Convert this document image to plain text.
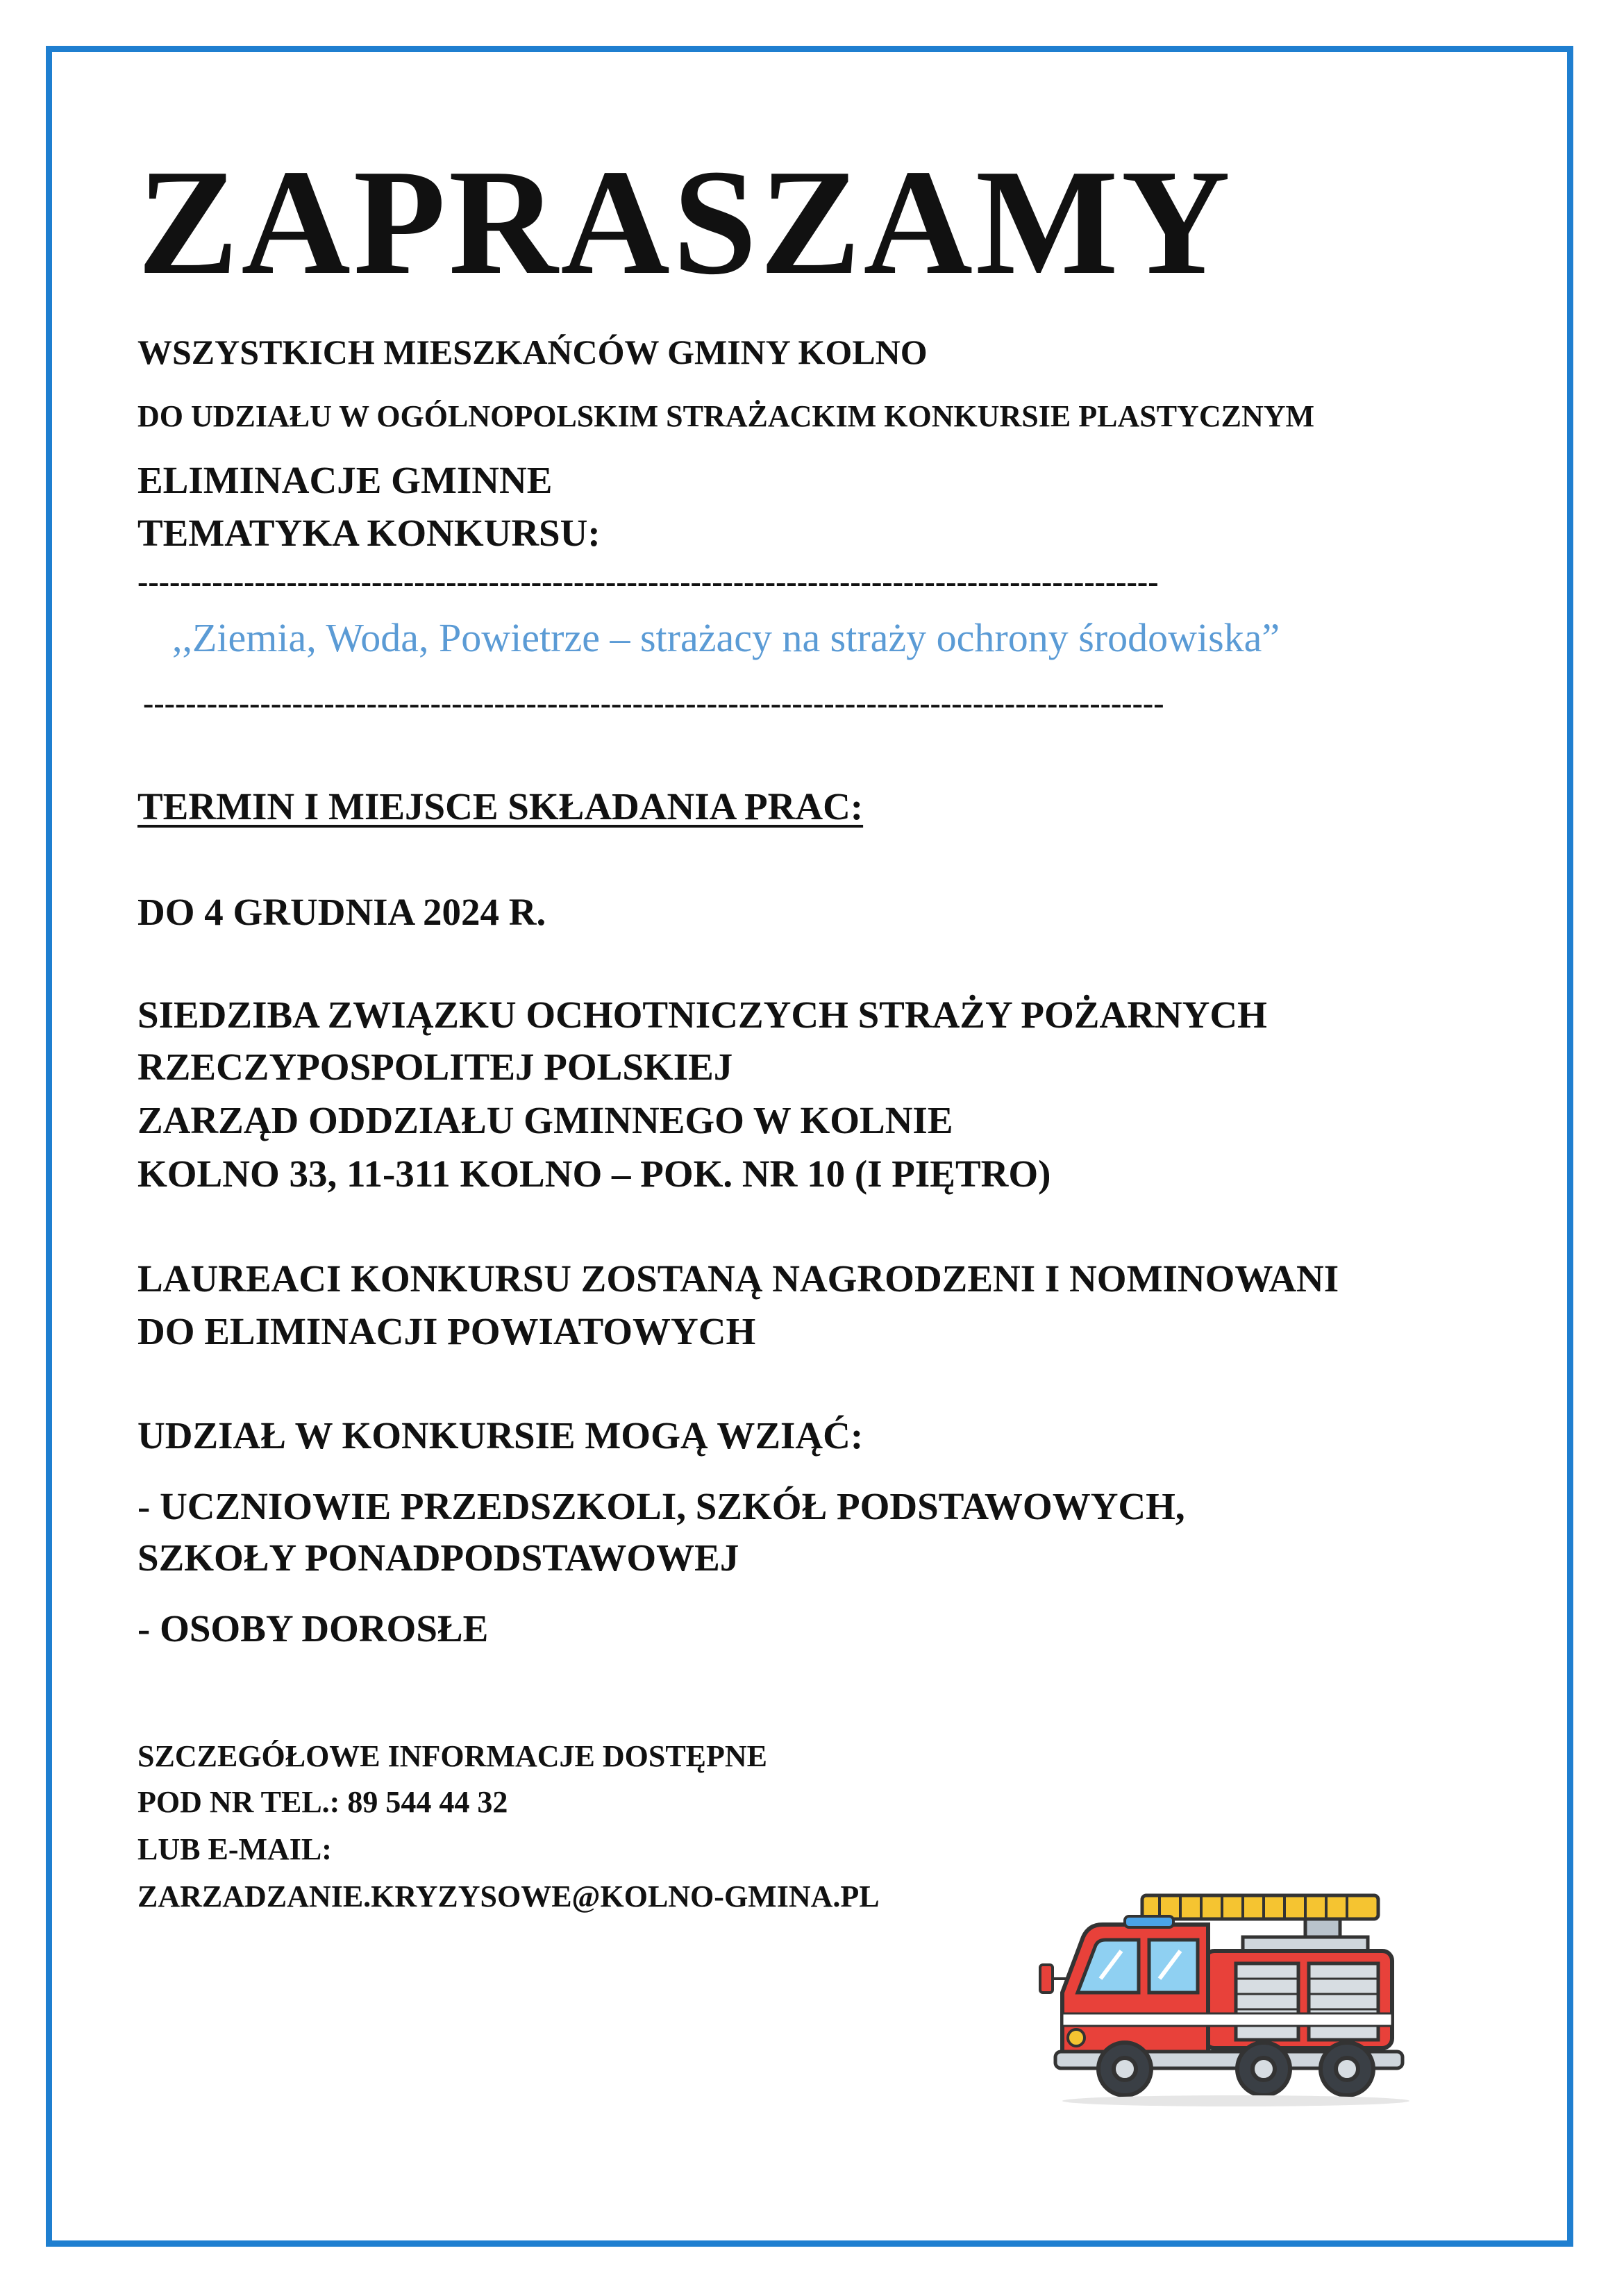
ZAPRASZAMY
WSZYSTKICH MIESZKAŃCÓW GMINY KOLNO
DO UDZIAŁU W OGÓLNOPOLSKIM STRAŻACKIM KONKURSIE PLASTYCZNYM
ELIMINACJE GMINNE
TEMATYKA KONKURSU:
------------------------------------------------------------------------------------------------
,,Ziemia, Woda, Powietrze – strażacy na straży ochrony środowiska”
------------------------------------------------------------------------------------------------
TERMIN I MIEJSCE SKŁADANIA PRAC:
DO 4 GRUDNIA 2024 R.
SIEDZIBA ZWIĄZKU OCHOTNICZYCH STRAŻY POŻARNYCH
RZECZYPOSPOLITEJ POLSKIEJ
ZARZĄD ODDZIAŁU GMINNEGO W KOLNIE
KOLNO 33, 11-311 KOLNO – POK. NR 10 (I PIĘTRO)
LAUREACI KONKURSU ZOSTANĄ NAGRODZENI I NOMINOWANI
DO ELIMINACJI POWIATOWYCH
UDZIAŁ W KONKURSIE MOGĄ WZIĄĆ:
- UCZNIOWIE PRZEDSZKOLI, SZKÓŁ PODSTAWOWYCH,
SZKOŁY PONADPODSTAWOWEJ
- OSOBY DOROSŁE
SZCZEGÓŁOWE INFORMACJE DOSTĘPNE
POD NR TEL.: 89 544 44 32
LUB E-MAIL:
ZARZADZANIE.KRYZYSOWE@KOLNO-GMINA.PL
